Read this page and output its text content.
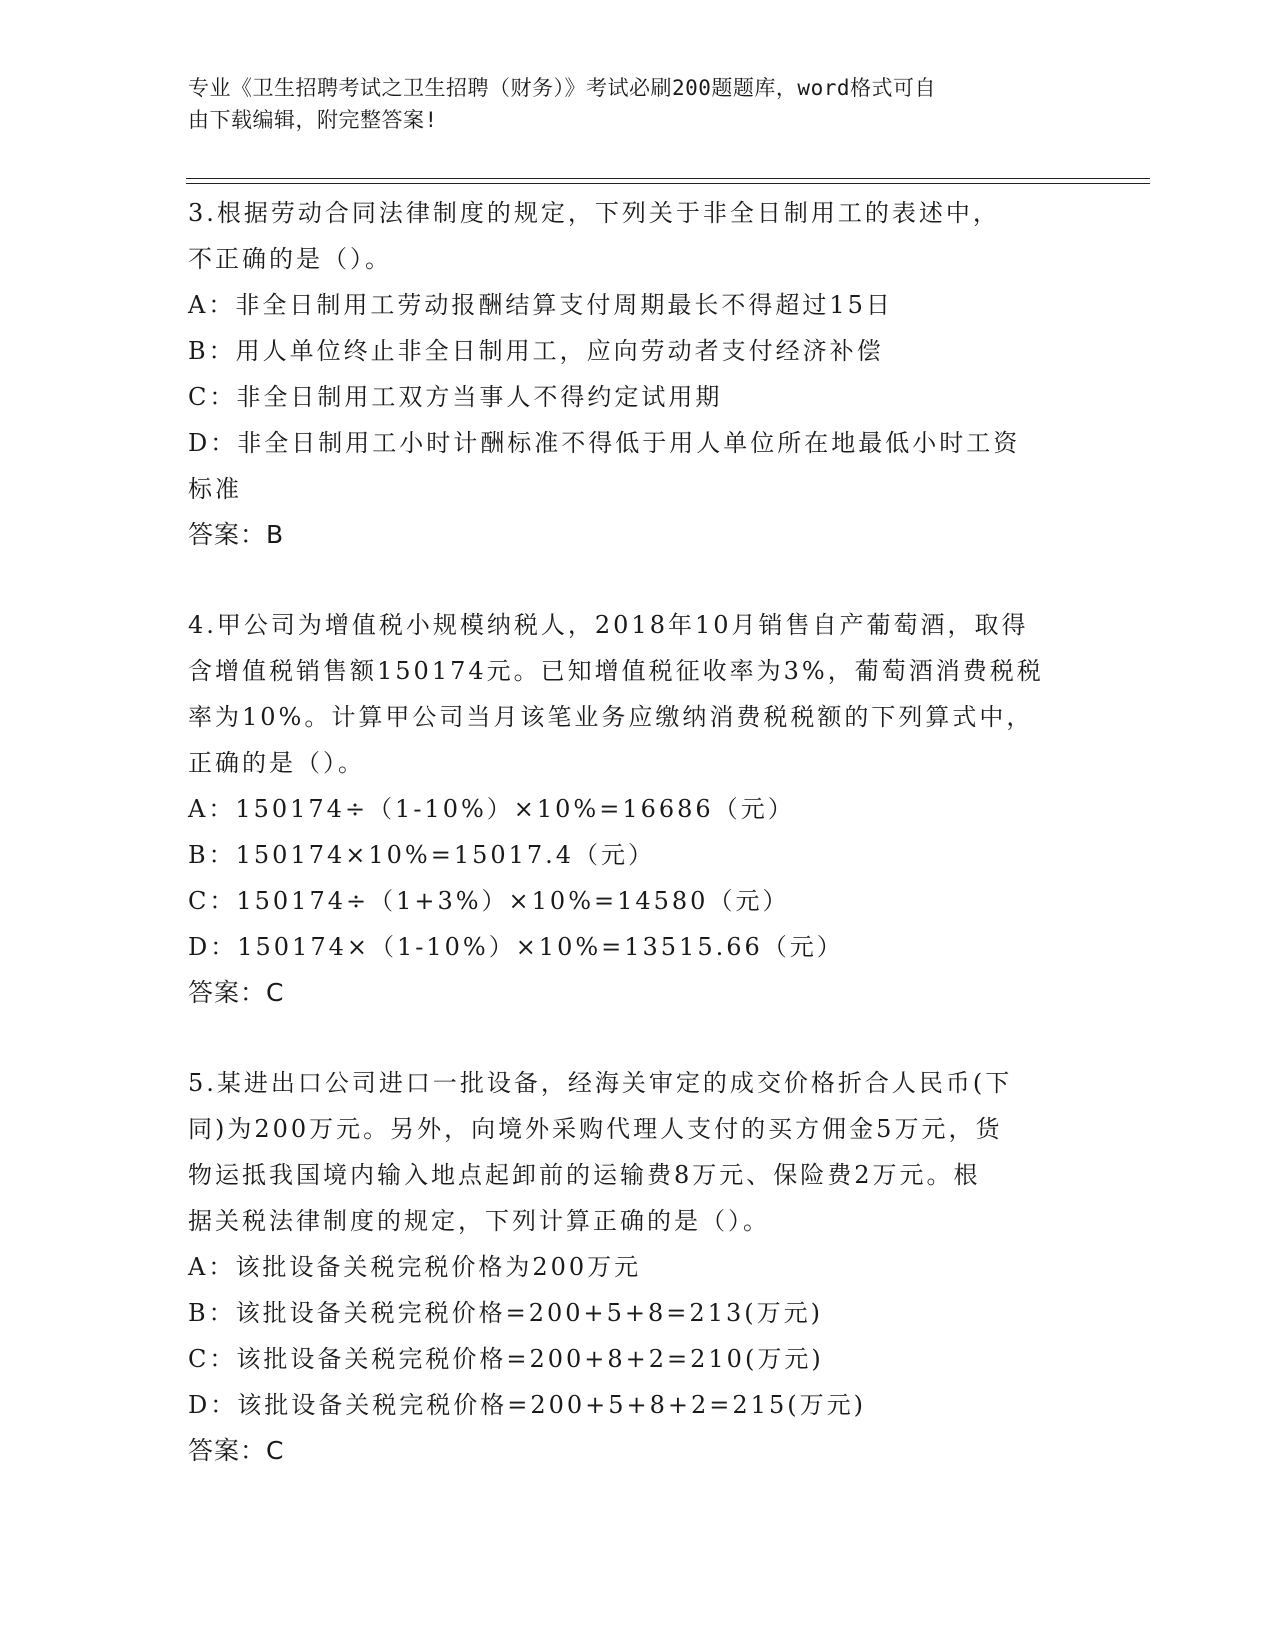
专业《卫生招聘考试之卫生招聘（财务）》考试必刷200题题库，word格式可自
由下载编辑，附完整答案!
3.根据劳动合同法律制度的规定，下列关于非全日制用工的表述中，
不正确的是（）。
A：非全日制用工劳动报酬结算支付周期最长不得超过15日
B：用人单位终止非全日制用工，应向劳动者支付经济补偿
C：非全日制用工双方当事人不得约定试用期
D：非全日制用工小时计酬标准不得低于用人单位所在地最低小时工资
标准
答案：B
4.甲公司为增值税小规模纳税人，2018年10月销售自产葡萄酒，取得
含增值税销售额150174元。已知增值税征收率为3%，葡萄酒消费税税
率为10%。计算甲公司当月该笔业务应缴纳消费税税额的下列算式中，
正确的是（）。
A：150174÷（1-10%）×10%=16686（元）
B：150174×10%=15017.4（元）
C：150174÷（1+3%）×10%=14580（元）
D：150174×（1-10%）×10%=13515.66（元）
答案：C
5.某进出口公司进口一批设备，经海关审定的成交价格折合人民币(下
同)为200万元。另外，向境外采购代理人支付的买方佣金5万元，货
物运抵我国境内输入地点起卸前的运输费8万元、保险费2万元。根
据关税法律制度的规定，下列计算正确的是（）。
A：该批设备关税完税价格为200万元
B：该批设备关税完税价格=200+5+8=213(万元)
C：该批设备关税完税价格=200+8+2=210(万元)
D：该批设备关税完税价格=200+5+8+2=215(万元)
答案：C
